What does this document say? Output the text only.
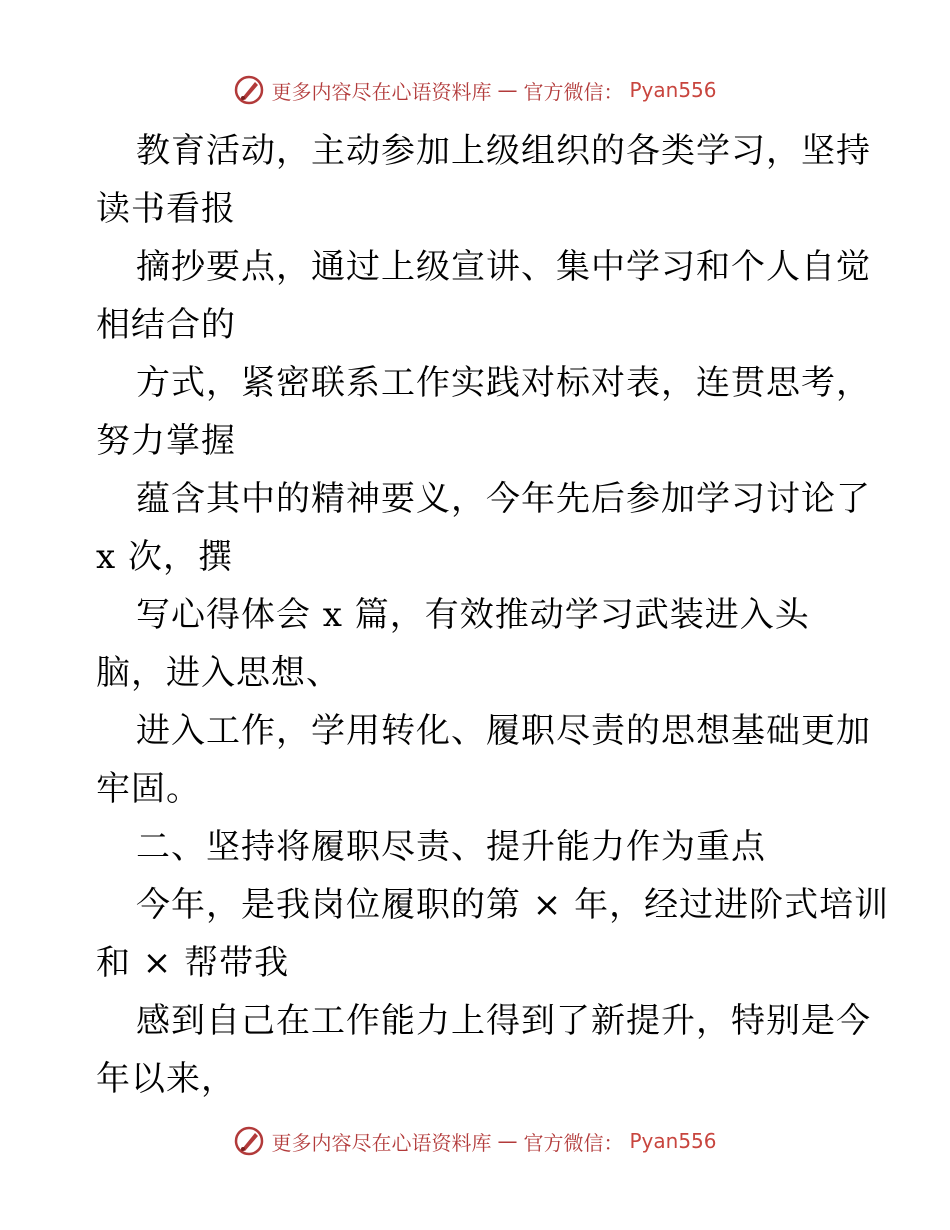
更多内容尽在心语资料库 — 官方微信： Pyan556
教育活动，主动参加上级组织的各类学习，坚持
读书看报
摘抄要点，通过上级宣讲、集中学习和个人自觉
相结合的
方式，紧密联系工作实践对标对表，连贯思考，
努力掌握
蕴含其中的精神要义，今年先后参加学习讨论了
x 次，撰
写心得体会 x 篇，有效推动学习武装进入头
脑，进入思想、
进入工作，学用转化、履职尽责的思想基础更加
牢固。
二、坚持将履职尽责、提升能力作为重点
今年，是我岗位履职的第 × 年，经过进阶式培训
和 × 帮带我
感到自己在工作能力上得到了新提升，特别是今
年以来，
更多内容尽在心语资料库 — 官方微信： Pyan556
